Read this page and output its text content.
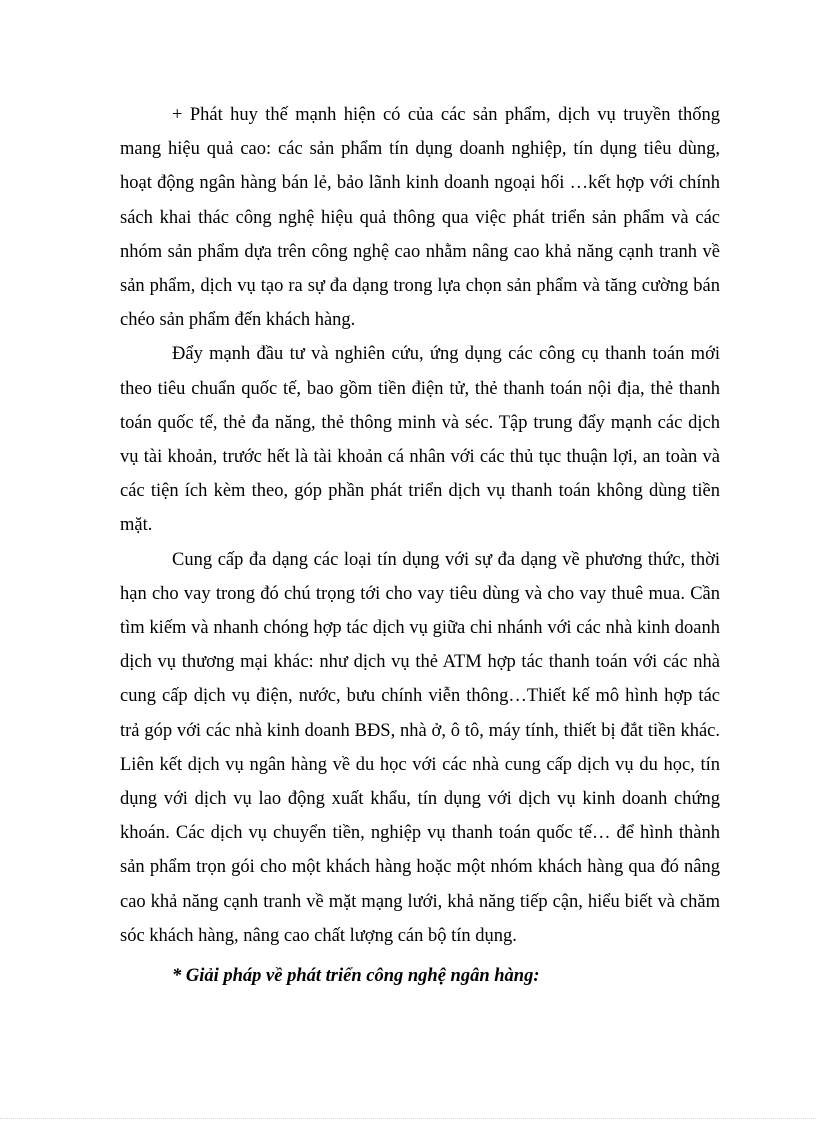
+ Phát huy thế mạnh hiện có của các sản phẩm, dịch vụ truyền thống mang hiệu quả cao: các sản phẩm tín dụng doanh nghiệp, tín dụng tiêu dùng, hoạt động ngân hàng bán lẻ, bảo lãnh kinh doanh ngoại hối …kết hợp với chính sách khai thác công nghệ hiệu quả thông qua việc phát triển sản phẩm và các nhóm sản phẩm dựa trên công nghệ cao nhằm nâng cao khả năng cạnh tranh về sản phẩm, dịch vụ tạo ra sự đa dạng trong lựa chọn sản phẩm và tăng cường bán chéo sản phẩm đến khách hàng.

Đẩy mạnh đầu tư và nghiên cứu, ứng dụng các công cụ thanh toán mới theo tiêu chuẩn quốc tế, bao gồm tiền điện tử, thẻ thanh toán nội địa, thẻ thanh toán quốc tế, thẻ đa năng, thẻ thông minh và séc. Tập trung đẩy mạnh các dịch vụ tài khoản, trước hết là tài khoản cá nhân với các thủ tục thuận lợi, an toàn và các tiện ích kèm theo, góp phần phát triển dịch vụ thanh toán không dùng tiền mặt.

Cung cấp đa dạng các loại tín dụng với sự đa dạng về phương thức, thời hạn cho vay trong đó chú trọng tới cho vay tiêu dùng và cho vay thuê mua. Cần tìm kiếm và nhanh chóng hợp tác dịch vụ giữa chi nhánh với các nhà kinh doanh dịch vụ thương mại khác: như dịch vụ thẻ ATM hợp tác thanh toán với các nhà cung cấp dịch vụ điện, nước, bưu chính viễn thông…Thiết kế mô hình hợp tác trả góp với các nhà kinh doanh BĐS, nhà ở, ô tô, máy tính, thiết bị đắt tiền khác. Liên kết dịch vụ ngân hàng về du học với các nhà cung cấp dịch vụ du học, tín dụng với dịch vụ lao động xuất khẩu, tín dụng với dịch vụ kinh doanh chứng khoán. Các dịch vụ chuyển tiền, nghiệp vụ thanh toán quốc tế… để hình thành sản phẩm trọn gói cho một khách hàng hoặc một nhóm khách hàng qua đó nâng cao khả năng cạnh tranh về mặt mạng lưới, khả năng tiếp cận, hiểu biết và chăm sóc khách hàng, nâng cao chất lượng cán bộ tín dụng.

* Giải pháp về phát triển công nghệ ngân hàng:
